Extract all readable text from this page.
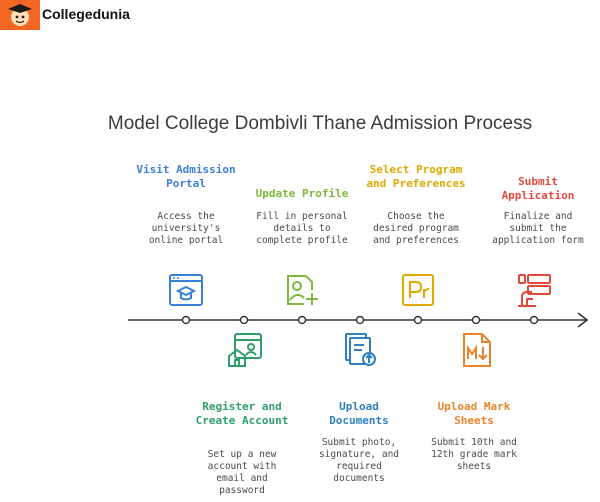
Collegedunia
Model College Dombivli Thane Admission Process
Visit Admission Portal
Access the university's online portal
Register and Create Account
Set up a new account with email and password
Update Profile
Fill in personal details to complete profile
Upload Documents
Submit photo, signature, and required documents
Select Program and Preferences
Choose the desired program and preferences
Upload Mark Sheets
Submit 10th and 12th grade mark sheets
Submit Application
Finalize and submit the application form
